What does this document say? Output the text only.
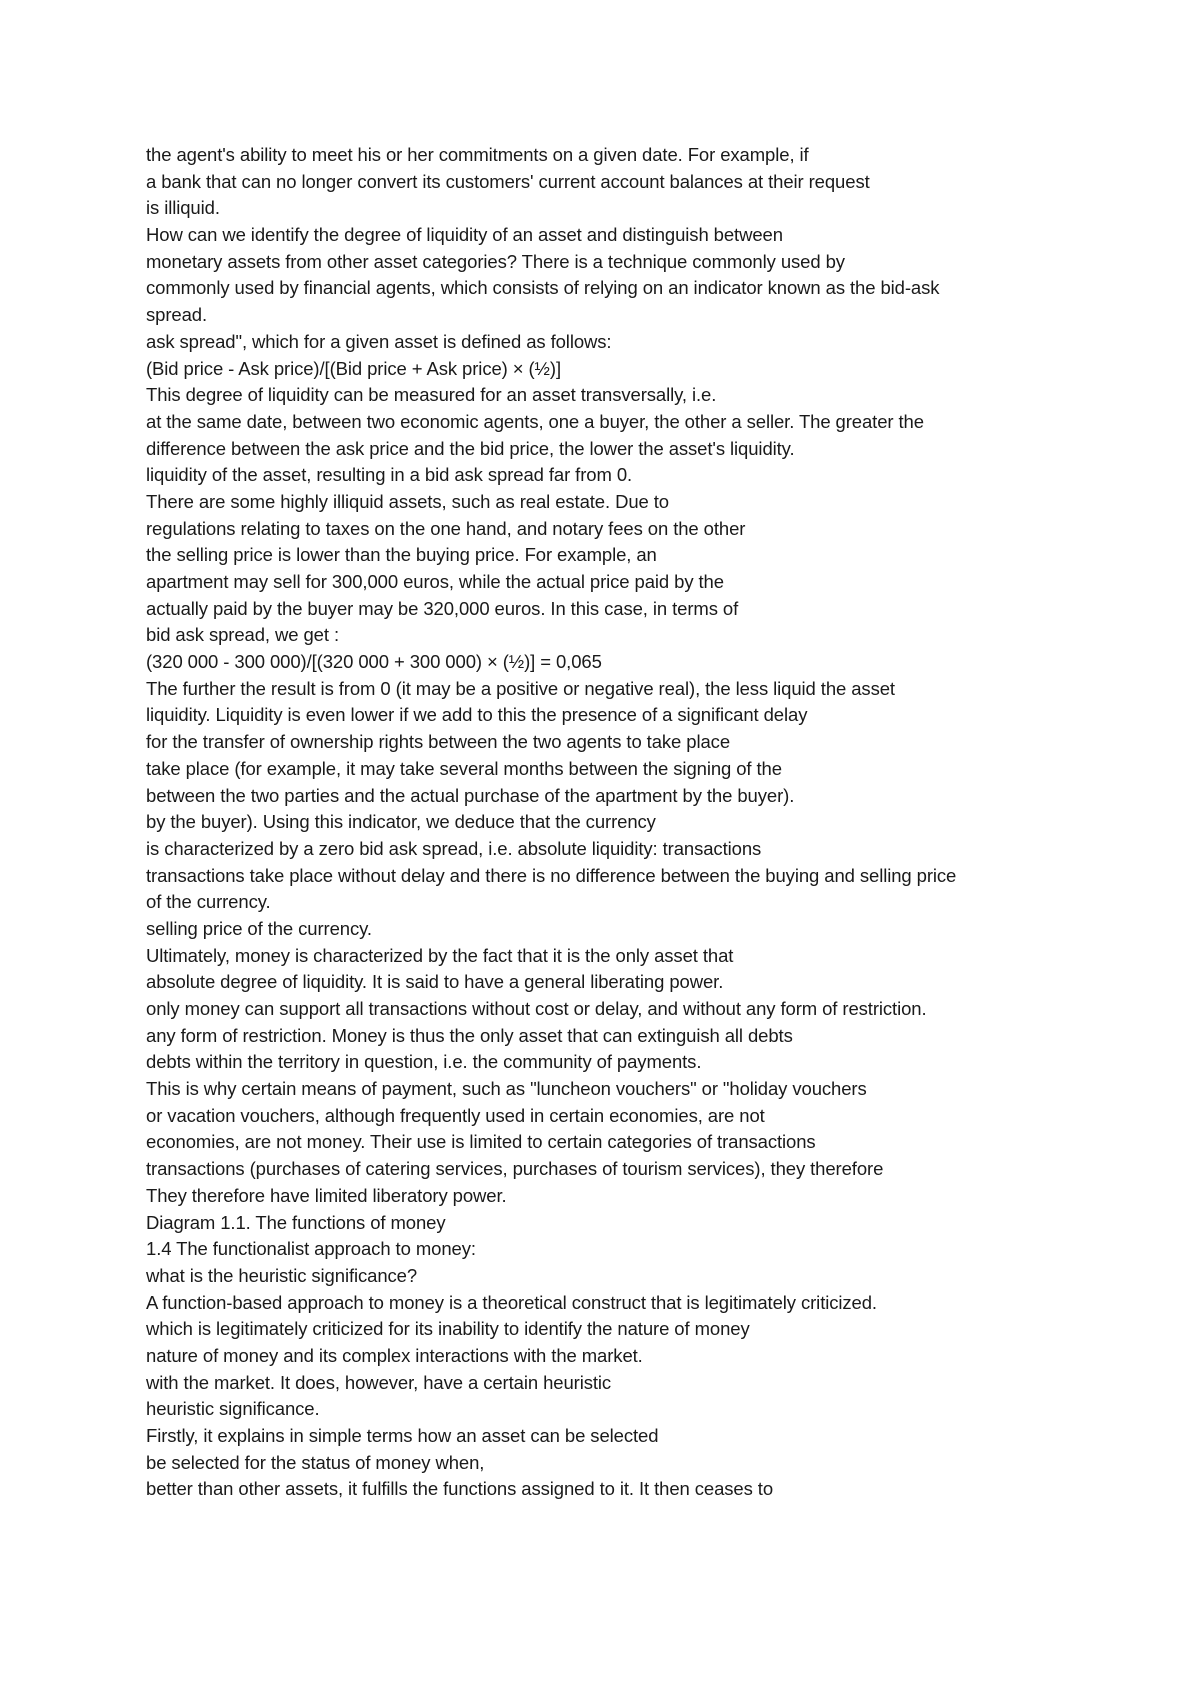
the agent's ability to meet his or her commitments on a given date. For example, if
a bank that can no longer convert its customers' current account balances at their request
is illiquid.
How can we identify the degree of liquidity of an asset and distinguish between
monetary assets from other asset categories? There is a technique commonly used by
commonly used by financial agents, which consists of relying on an indicator known as the bid-ask
spread.
ask spread", which for a given asset is defined as follows:
(Bid price - Ask price)/[(Bid price + Ask price) × (½)]
This degree of liquidity can be measured for an asset transversally, i.e.
at the same date, between two economic agents, one a buyer, the other a seller. The greater the
difference between the ask price and the bid price, the lower the asset's liquidity.
liquidity of the asset, resulting in a bid ask spread far from 0.
There are some highly illiquid assets, such as real estate. Due to
regulations relating to taxes on the one hand, and notary fees on the other
the selling price is lower than the buying price. For example, an
apartment may sell for 300,000 euros, while the actual price paid by the
actually paid by the buyer may be 320,000 euros. In this case, in terms of
bid ask spread, we get :
(320 000 - 300 000)/[(320 000 + 300 000) × (½)] = 0,065
The further the result is from 0 (it may be a positive or negative real), the less liquid the asset
liquidity. Liquidity is even lower if we add to this the presence of a significant delay
for the transfer of ownership rights between the two agents to take place
take place (for example, it may take several months between the signing of the
between the two parties and the actual purchase of the apartment by the buyer).
by the buyer). Using this indicator, we deduce that the currency
is characterized by a zero bid ask spread, i.e. absolute liquidity: transactions
transactions take place without delay and there is no difference between the buying and selling price
of the currency.
selling price of the currency.
Ultimately, money is characterized by the fact that it is the only asset that
absolute degree of liquidity. It is said to have a general liberating power.
only money can support all transactions without cost or delay, and without any form of restriction.
any form of restriction. Money is thus the only asset that can extinguish all debts
debts within the territory in question, i.e. the community of payments.
This is why certain means of payment, such as "luncheon vouchers" or "holiday vouchers
or vacation vouchers, although frequently used in certain economies, are not
economies, are not money. Their use is limited to certain categories of transactions
transactions (purchases of catering services, purchases of tourism services), they therefore
They therefore have limited liberatory power.
Diagram 1.1. The functions of money
1.4 The functionalist approach to money:
what is the heuristic significance?
A function-based approach to money is a theoretical construct that is legitimately criticized.
which is legitimately criticized for its inability to identify the nature of money
nature of money and its complex interactions with the market.
with the market. It does, however, have a certain heuristic
heuristic significance.
Firstly, it explains in simple terms how an asset can be selected
be selected for the status of money when,
better than other assets, it fulfills the functions assigned to it. It then ceases to
